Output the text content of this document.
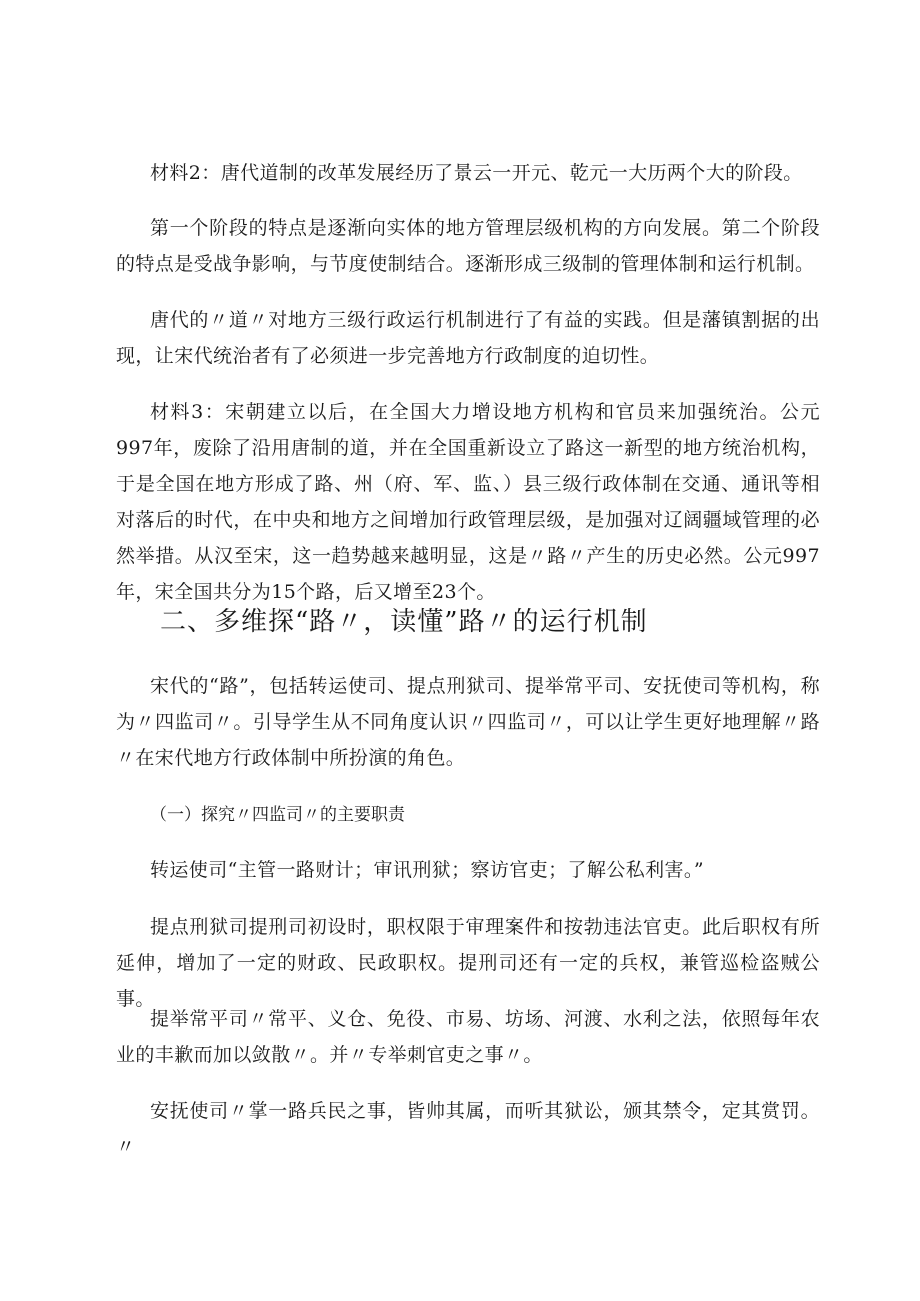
材料2：唐代道制的改革发展经历了景云一开元、乾元一大历两个大的阶段。

第一个阶段的特点是逐渐向实体的地方管理层级机构的方向发展。第二个阶段的特点是受战争影响，与节度使制结合。逐渐形成三级制的管理体制和运行机制。

唐代的〃道〃对地方三级行政运行机制进行了有益的实践。但是藩镇割据的出现，让宋代统治者有了必须进一步完善地方行政制度的迫切性。

材料3：宋朝建立以后，在全国大力增设地方机构和官员来加强统治。公元997年，废除了沿用唐制的道，并在全国重新设立了路这一新型的地方统治机构，于是全国在地方形成了路、州（府、军、监、）县三级行政体制在交通、通讯等相对落后的时代，在中央和地方之间增加行政管理层级，是加强对辽阔疆域管理的必然举措。从汉至宋，这一趋势越来越明显，这是〃路〃产生的历史必然。公元997年，宋全国共分为15个路，后又增至23个。

二、多维探“路〃，读懂”路〃的运行机制

宋代的“路”，包括转运使司、提点刑狱司、提举常平司、安抚使司等机构，称为〃四监司〃。引导学生从不同角度认识〃四监司〃，可以让学生更好地理解〃路〃在宋代地方行政体制中所扮演的角色。

（一）探究〃四监司〃的主要职责

转运使司“主管一路财计；审讯刑狱；察访官吏；了解公私利害。”

提点刑狱司提刑司初设时，职权限于审理案件和按勃违法官吏。此后职权有所延伸，增加了一定的财政、民政职权。提刑司还有一定的兵权，兼管巡检盗贼公事。

提举常平司〃常平、义仓、免役、市易、坊场、河渡、水利之法，依照每年农业的丰歉而加以敛散〃。并〃专举刺官吏之事〃。

安抚使司〃掌一路兵民之事，皆帅其属，而听其狱讼，颁其禁令，定其赏罚。〃
